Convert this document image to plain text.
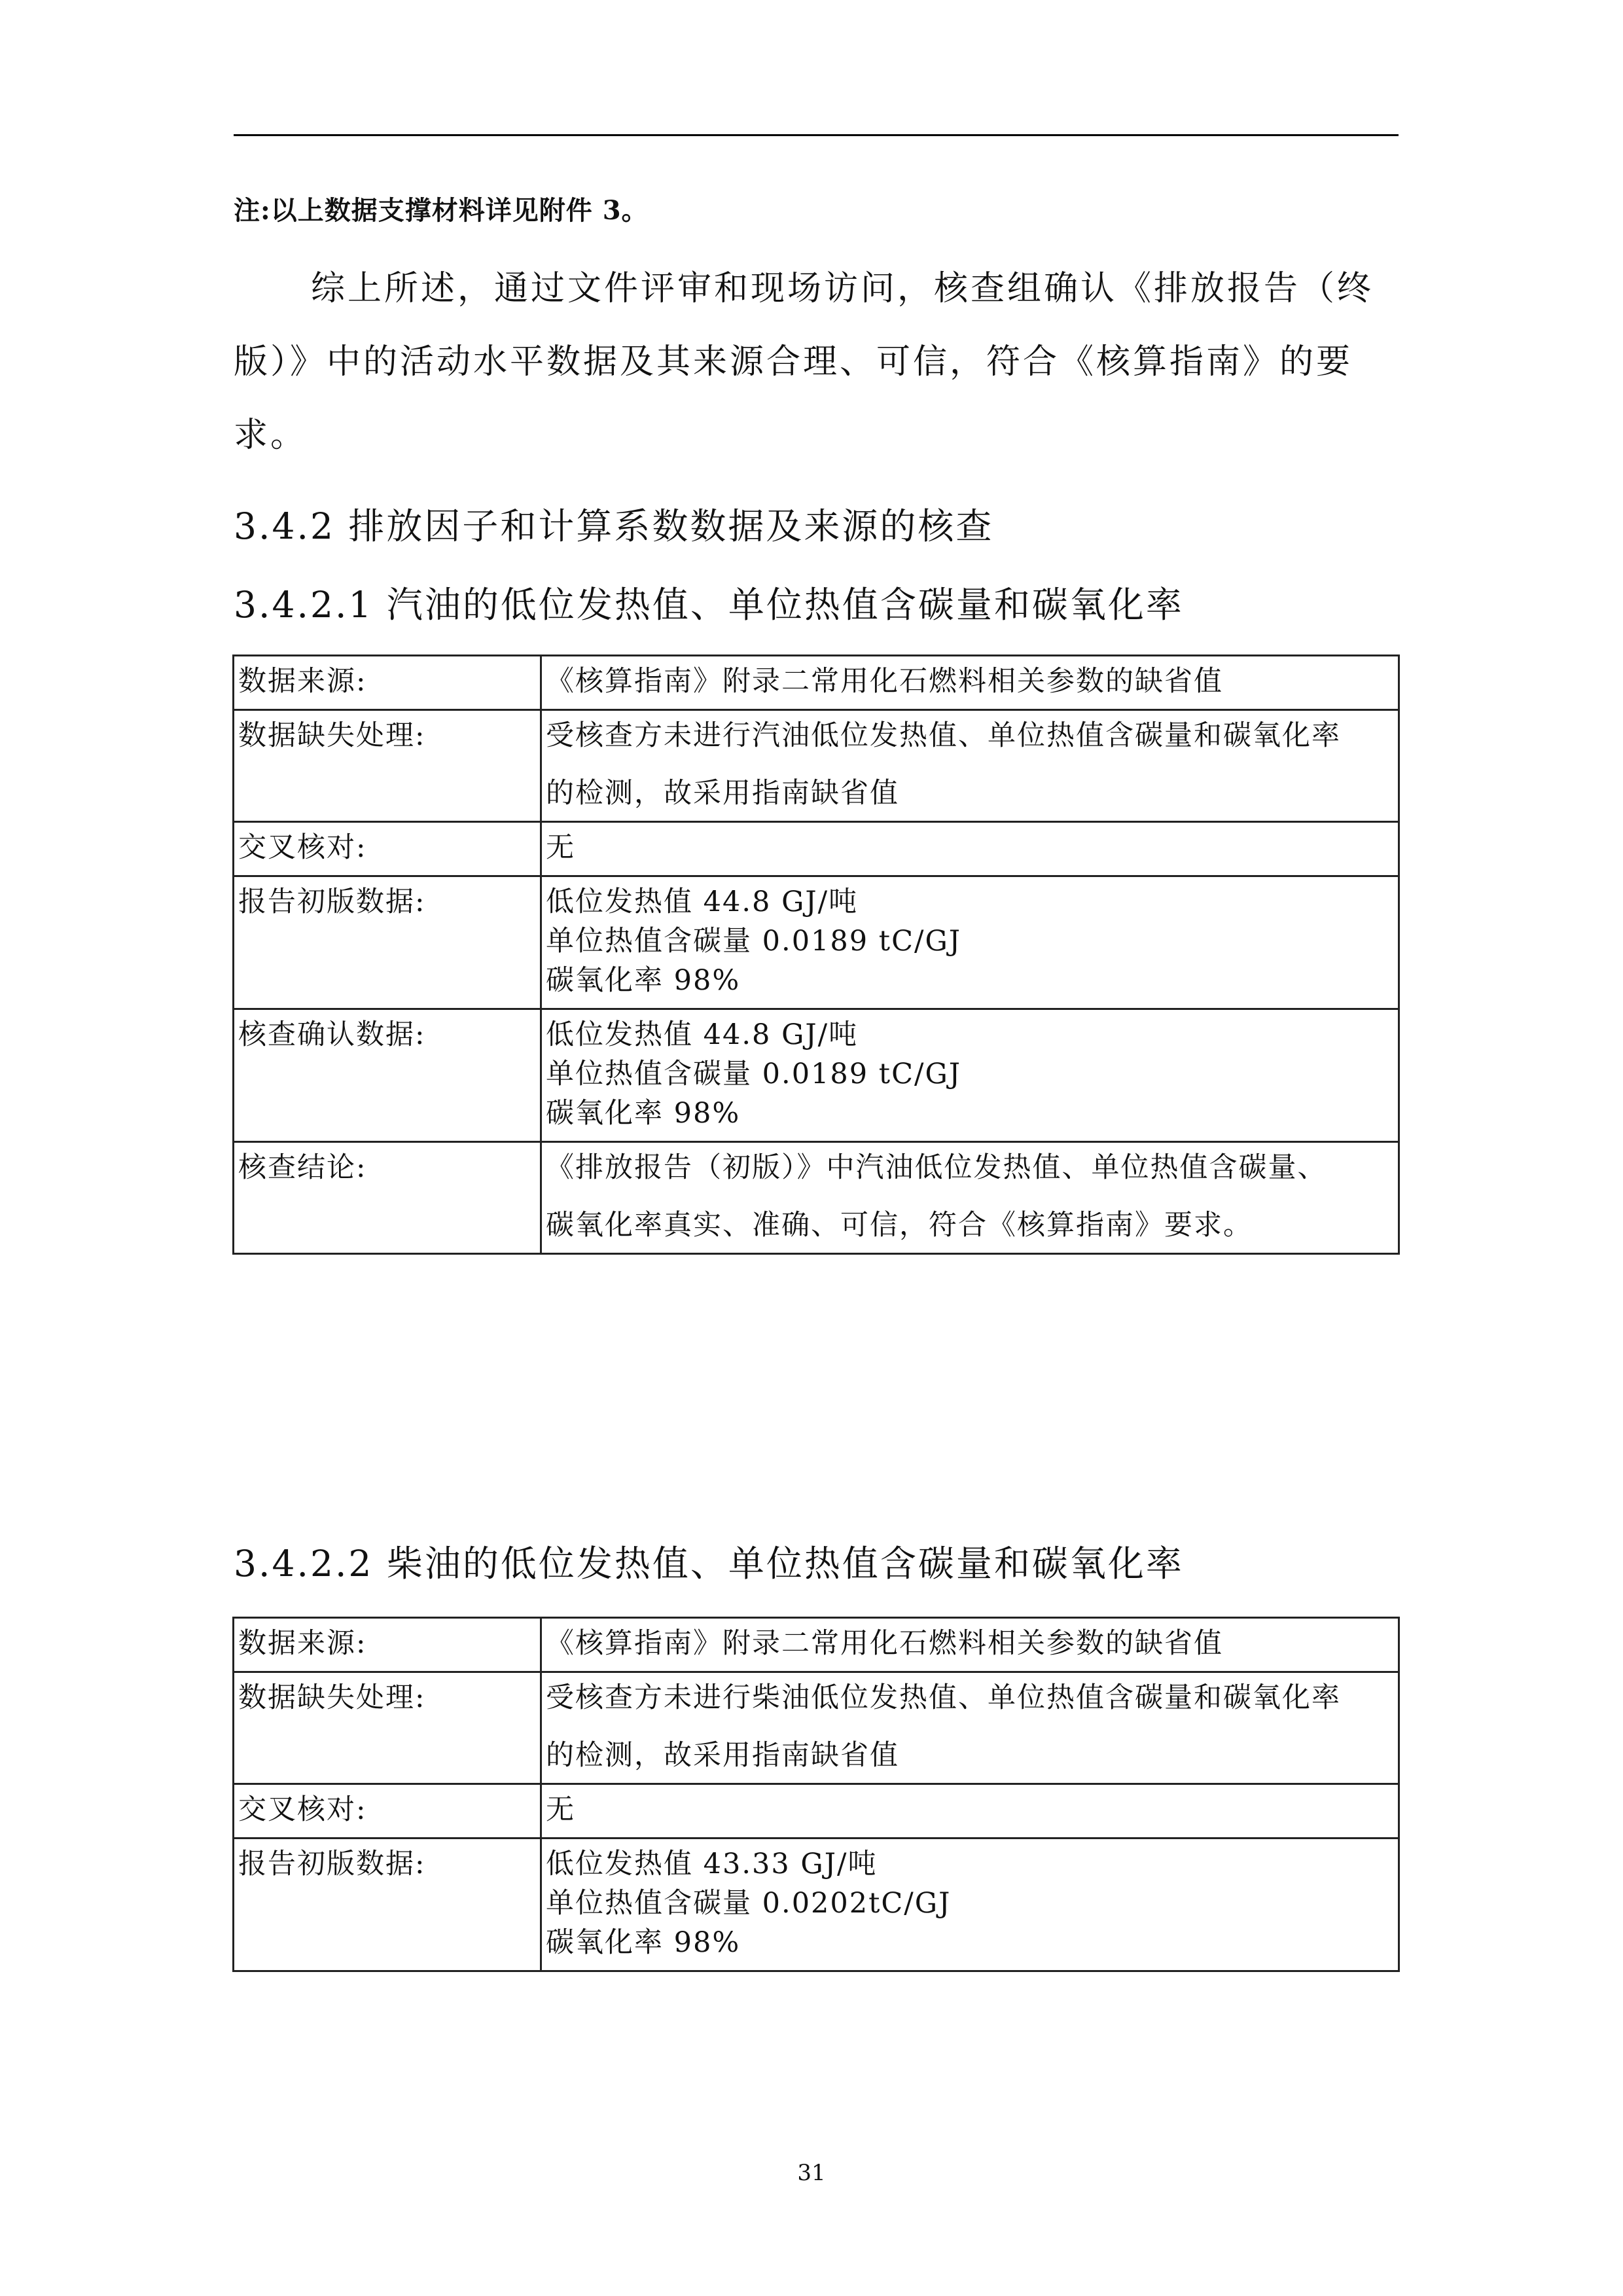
注:以上数据支撑材料详见附件 3。

综上所述，通过文件评审和现场访问，核查组确认《排放报告（终版）》中的活动水平数据及其来源合理、可信，符合《核算指南》的要求。

3.4.2 排放因子和计算系数数据及来源的核查
3.4.2.1 汽油的低位发热值、单位热值含碳量和碳氧化率
数据来源:	《核算指南》附录二常用化石燃料相关参数的缺省值
数据缺失处理:	受核查方未进行汽油低位发热值、单位热值含碳量和碳氧化率
的检测，故采用指南缺省值

交叉核对:	无
报告初版数据:	低位发热值 44.8 GJ/吨
单位热值含碳量 0.0189 tC/GJ
碳氧化率 98%

核查确认数据:	低位发热值 44.8 GJ/吨
单位热值含碳量 0.0189 tC/GJ
碳氧化率 98%

核查结论:	《排放报告（初版）》中汽油低位发热值、单位热值含碳量、
碳氧化率真实、准确、可信，符合《核算指南》要求。
3.4.2.2 柴油的低位发热值、单位热值含碳量和碳氧化率
数据来源:	《核算指南》附录二常用化石燃料相关参数的缺省值
数据缺失处理:	受核查方未进行柴油低位发热值、单位热值含碳量和碳氧化率
的检测，故采用指南缺省值

交叉核对:	无
报告初版数据:	低位发热值 43.33 GJ/吨
单位热值含碳量 0.0202tC/GJ
碳氧化率 98%
31
